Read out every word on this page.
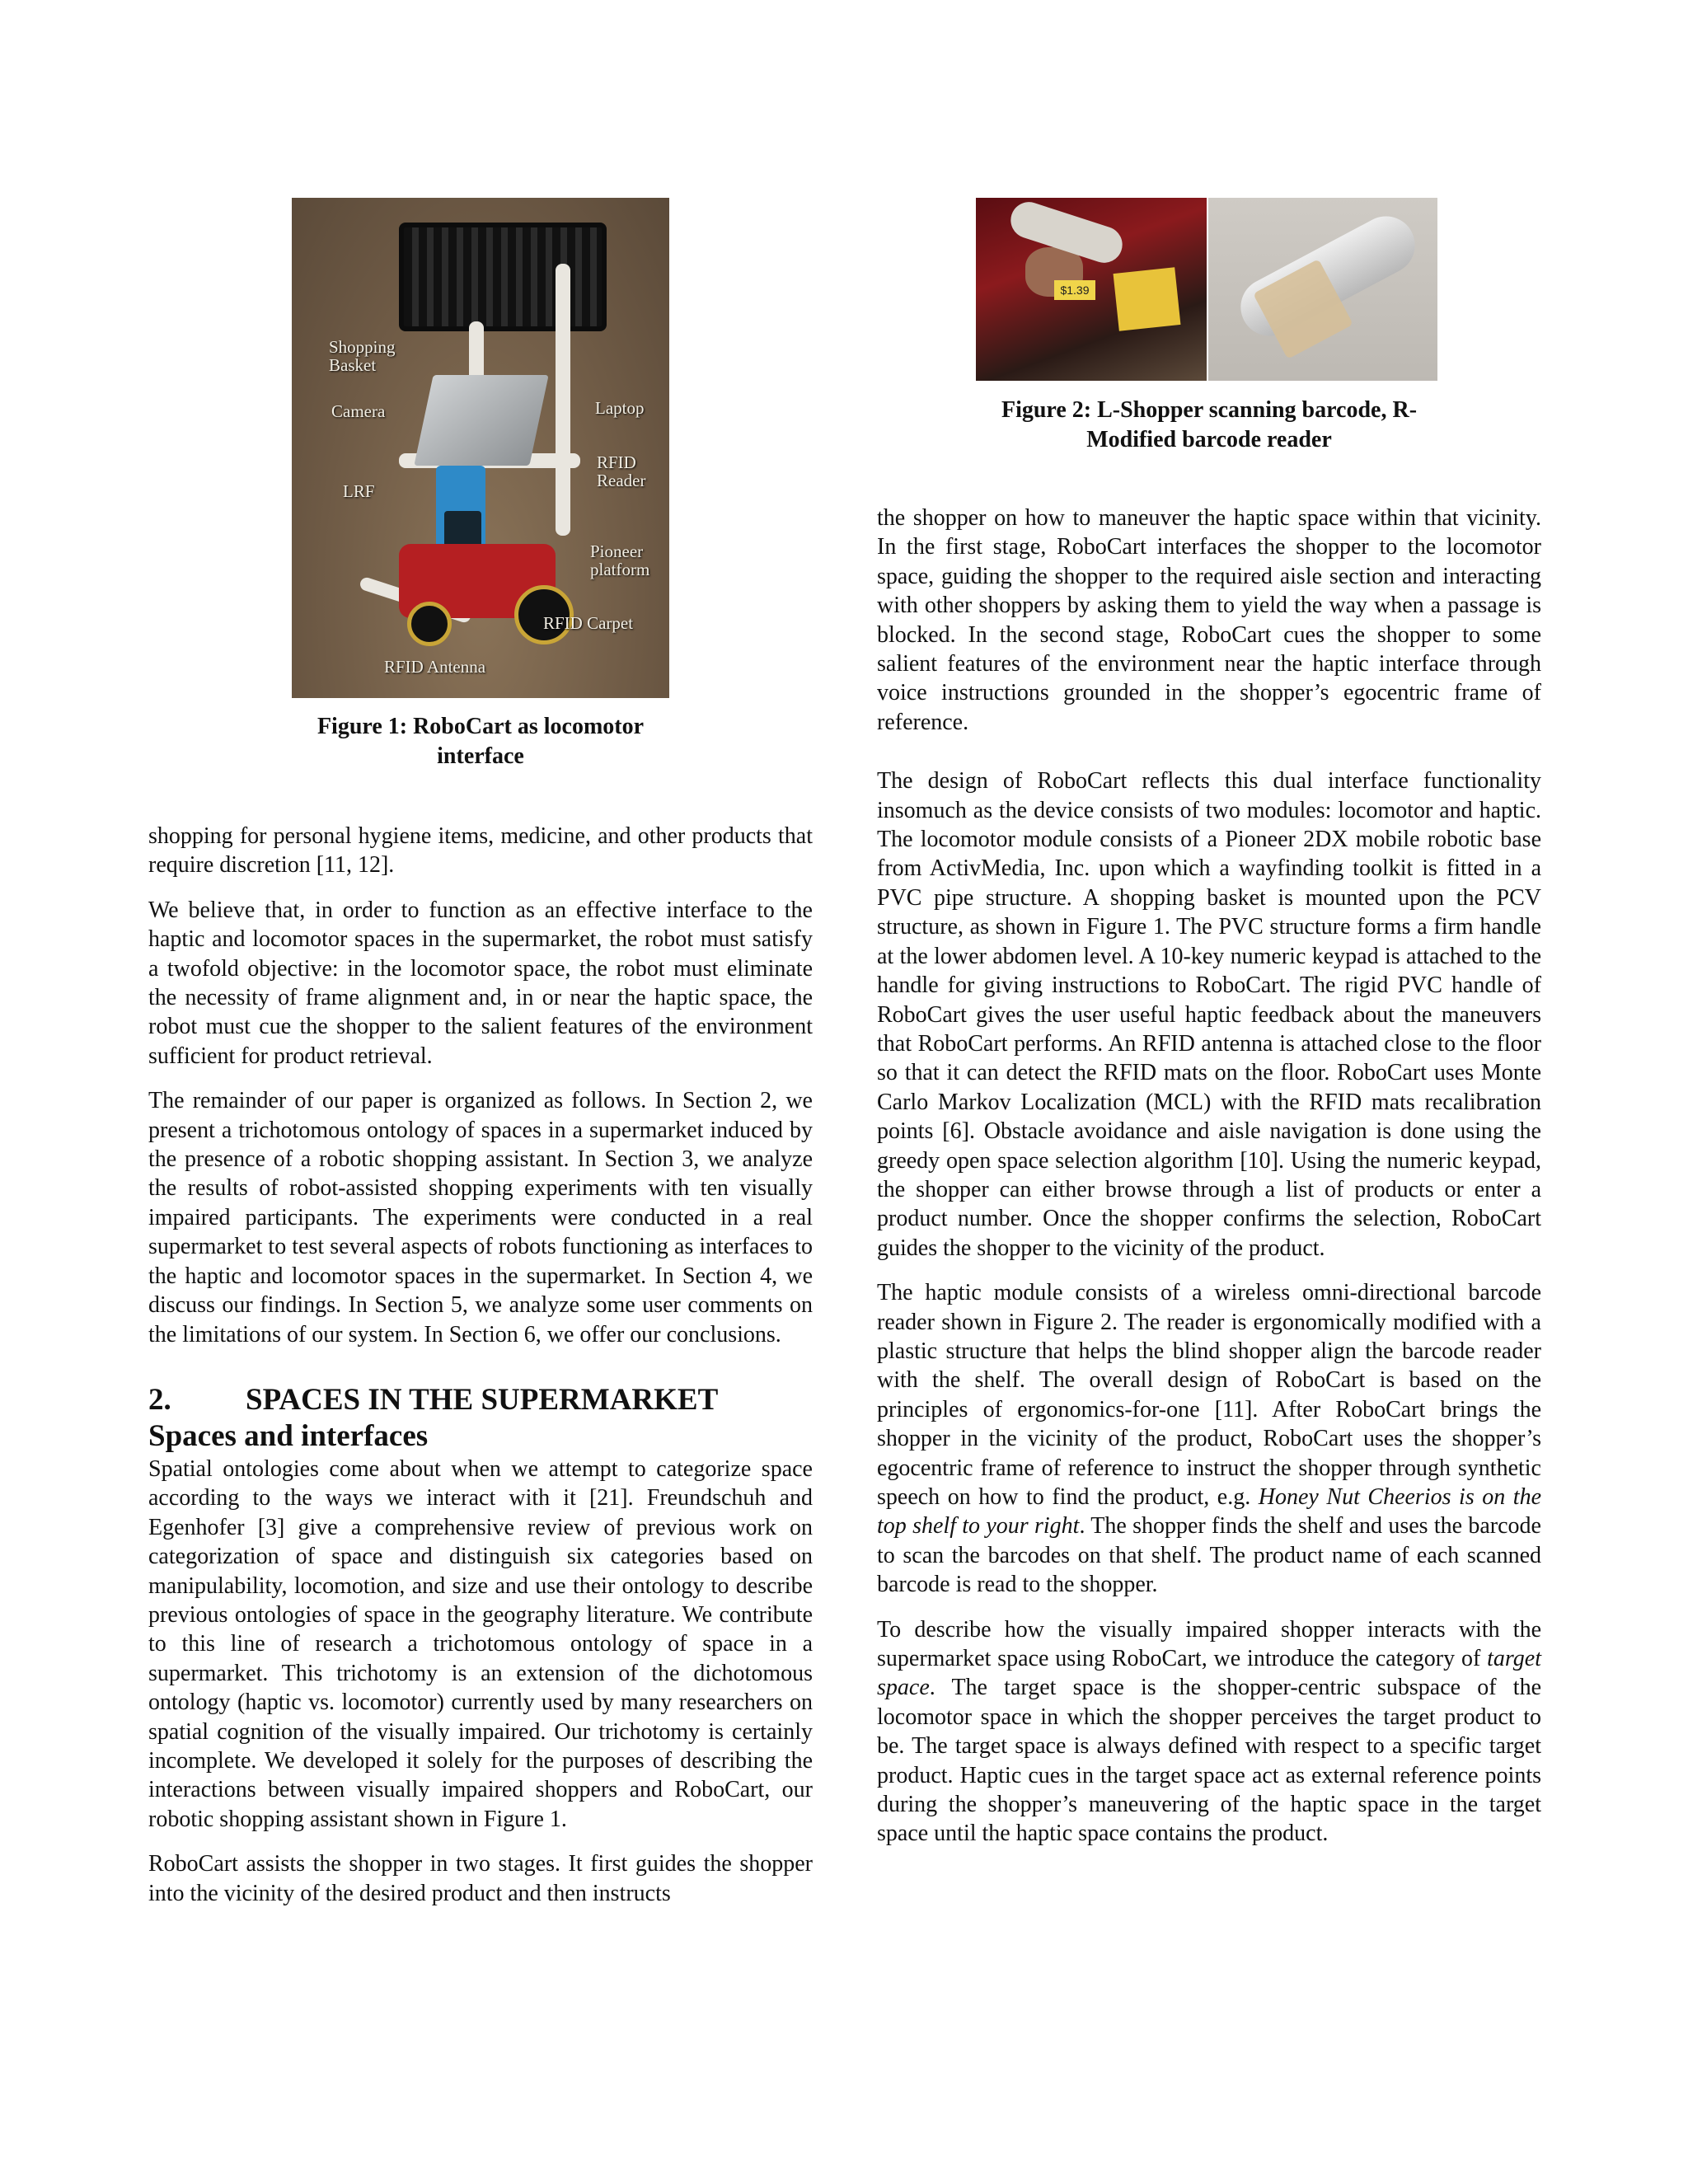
Shopping Basket
Camera	Laptop
RFID Reader
LRF
Pioneer platform
RFID Carpet
RFID Antenna
$1.39

Figure 1: RoboCart as locomotor
interface

shopping for personal hygiene items, medicine, and other products that require discretion [11, 12].

We believe that, in order to function as an effective interface to the haptic and locomotor spaces in the supermarket, the robot must satisfy a twofold objective: in the locomotor space, the robot must eliminate the necessity of frame alignment and, in or near the haptic space, the robot must cue the shopper to the salient features of the environment sufficient for product retrieval.

The remainder of our paper is organized as follows. In Section 2, we present a trichotomous ontology of spaces in a supermarket induced by the presence of a robotic shopping assistant. In Section 3, we analyze the results of robot-assisted shopping experiments with ten visually impaired participants. The experiments were conducted in a real supermarket to test several aspects of robots functioning as interfaces to the haptic and locomotor spaces in the supermarket. In Section 4, we discuss our findings. In Section 5, we analyze some user comments on the limitations of our system. In Section 6, we offer our conclusions.

2.	SPACES IN THE SUPERMARKET
Spaces and interfaces

Spatial ontologies come about when we attempt to categorize space according to the ways we interact with it [21]. Freundschuh and Egenhofer [3] give a comprehensive review of previous work on categorization of space and distinguish six categories based on manipulability, locomotion, and size and use their ontology to describe previous ontologies of space in the geography literature. We contribute to this line of research a trichotomous ontology of space in a supermarket. This trichotomy is an extension of the dichotomous ontology (haptic vs. locomotor) currently used by many researchers on spatial cognition of the visually impaired. Our trichotomy is certainly incomplete. We developed it solely for the purposes of describing the interactions between visually impaired shoppers and RoboCart, our robotic shopping assistant shown in Figure 1.

RoboCart assists the shopper in two stages. It first guides the shopper into the vicinity of the desired product and then instructs

Figure 2: L-Shopper scanning barcode, R-
Modified barcode reader

the shopper on how to maneuver the haptic space within that vicinity. In the first stage, RoboCart interfaces the shopper to the locomotor space, guiding the shopper to the required aisle section and interacting with other shoppers by asking them to yield the way when a passage is blocked. In the second stage, RoboCart cues the shopper to some salient features of the environment near the haptic interface through voice instructions grounded in the shopper’s egocentric frame of reference.

The design of RoboCart reflects this dual interface functionality insomuch as the device consists of two modules: locomotor and haptic. The locomotor module consists of a Pioneer 2DX mobile robotic base from ActivMedia, Inc. upon which a wayfinding toolkit is fitted in a PVC pipe structure. A shopping basket is mounted upon the PCV structure, as shown in Figure 1. The PVC structure forms a firm handle at the lower abdomen level. A 10-key numeric keypad is attached to the handle for giving instructions to RoboCart. The rigid PVC handle of RoboCart gives the user useful haptic feedback about the maneuvers that RoboCart performs. An RFID antenna is attached close to the floor so that it can detect the RFID mats on the floor. RoboCart uses Monte Carlo Markov Localization (MCL) with the RFID mats recalibration points [6]. Obstacle avoidance and aisle navigation is done using the greedy open space selection algorithm [10]. Using the numeric keypad, the shopper can either browse through a list of products or enter a product number. Once the shopper confirms the selection, RoboCart guides the shopper to the vicinity of the product.

The haptic module consists of a wireless omni-directional barcode reader shown in Figure 2. The reader is ergonomically modified with a plastic structure that helps the blind shopper align the barcode reader with the shelf. The overall design of RoboCart is based on the principles of ergonomics-for-one [11]. After RoboCart brings the shopper in the vicinity of the product, RoboCart uses the shopper’s egocentric frame of reference to instruct the shopper through synthetic speech on how to find the product, e.g. Honey Nut Cheerios is on the top shelf to your right. The shopper finds the shelf and uses the barcode to scan the barcodes on that shelf. The product name of each scanned barcode is read to the shopper.

To describe how the visually impaired shopper interacts with the supermarket space using RoboCart, we introduce the category of target space. The target space is the shopper-centric subspace of the locomotor space in which the shopper perceives the target product to be. The target space is always defined with respect to a specific target product. Haptic cues in the target space act as external reference points during the shopper’s maneuvering of the haptic space in the target space until the haptic space contains the product.
